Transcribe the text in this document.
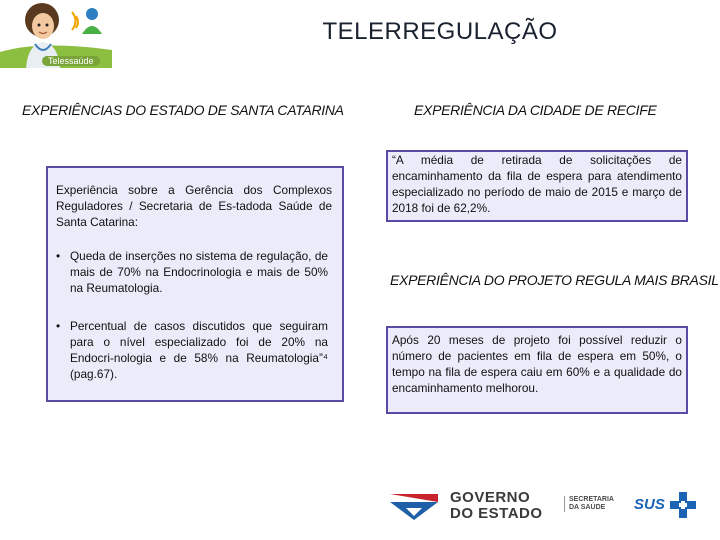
Telessaúde
TELERREGULAÇÃO
EXPERIÊNCIAS DO ESTADO DE SANTA CATARINA
Experiência sobre a Gerência dos Complexos Reguladores / Secretaria de Es-tadoda Saúde de Santa Catarina:
• Queda de inserções no sistema de regulação, de mais de 70% na Endocrinologia e mais de 50% na Reumatologia.
• Percentual de casos discutidos que seguiram para o nível especializado foi de 20% na Endocri-nologia e de 58% na Reumatologia”⁴ (pag.67).
EXPERIÊNCIA DA CIDADE DE RECIFE
“A média de retirada de solicitações de encaminhamento da fila de espera para atendimento especializado no período de maio de 2015 e março de 2018 foi de 62,2%.
EXPERIÊNCIA DO PROJETO REGULA MAIS BRASIL
Após 20 meses de projeto foi possível reduzir o número de pacientes em fila de espera em 50%, o tempo na fila de espera caiu em 60% e a qualidade do encaminhamento melhorou.
GOVERNO
DO ESTADO
SECRETARIA
DA SAÚDE	SUS
